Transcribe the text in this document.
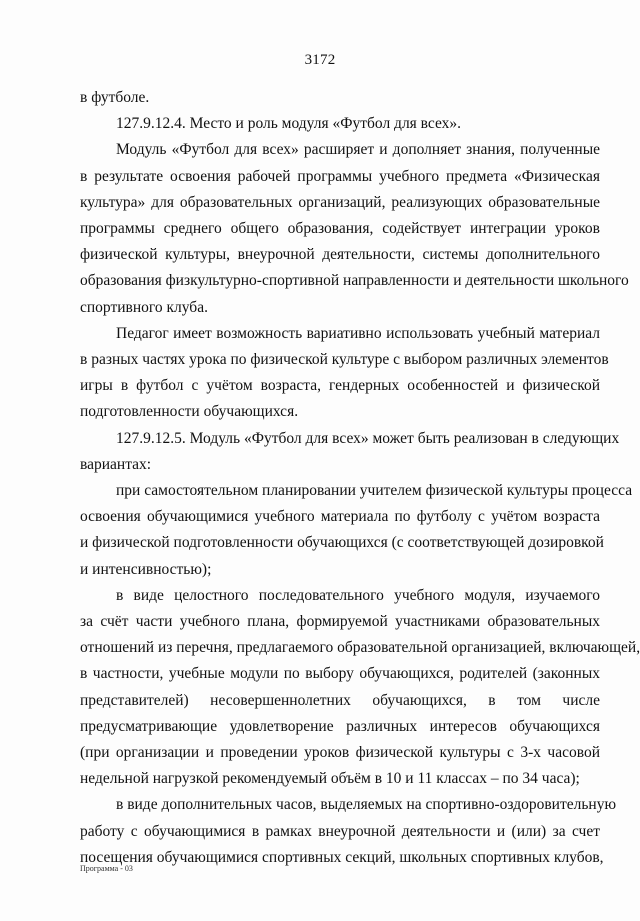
3172
в футболе.
127.9.12.4. Место и роль модуля «Футбол для всех».
Модуль «Футбол для всех» расширяет и дополняет знания, полученные
в результате освоения рабочей программы учебного предмета «Физическая
культура» для образовательных организаций, реализующих образовательные
программы среднего общего образования, содействует интеграции уроков
физической культуры, внеурочной деятельности, системы дополнительного
образования физкультурно-спортивной направленности и деятельности школьного
спортивного клуба.
Педагог имеет возможность вариативно использовать учебный материал
в разных частях урока по физической культуре с выбором различных элементов
игры в футбол с учётом возраста, гендерных особенностей и физической
подготовленности обучающихся.
127.9.12.5. Модуль «Футбол для всех» может быть реализован в следующих
вариантах:
при самостоятельном планировании учителем физической культуры процесса
освоения обучающимися учебного материала по футболу с учётом возраста
и физической подготовленности обучающихся (с соответствующей дозировкой
и интенсивностью);
в виде целостного последовательного учебного модуля, изучаемого
за счёт части учебного плана, формируемой участниками образовательных
отношений из перечня, предлагаемого образовательной организацией, включающей,
в частности, учебные модули по выбору обучающихся, родителей (законных
представителей) несовершеннолетних обучающихся, в том числе
предусматривающие удовлетворение различных интересов обучающихся
(при организации и проведении уроков физической культуры с 3-х часовой
недельной нагрузкой рекомендуемый объём в 10 и 11 классах – по 34 часа);
в виде дополнительных часов, выделяемых на спортивно-оздоровительную
работу с обучающимися в рамках внеурочной деятельности и (или) за счет
посещения обучающимися спортивных секций, школьных спортивных клубов,
Программа - 03
